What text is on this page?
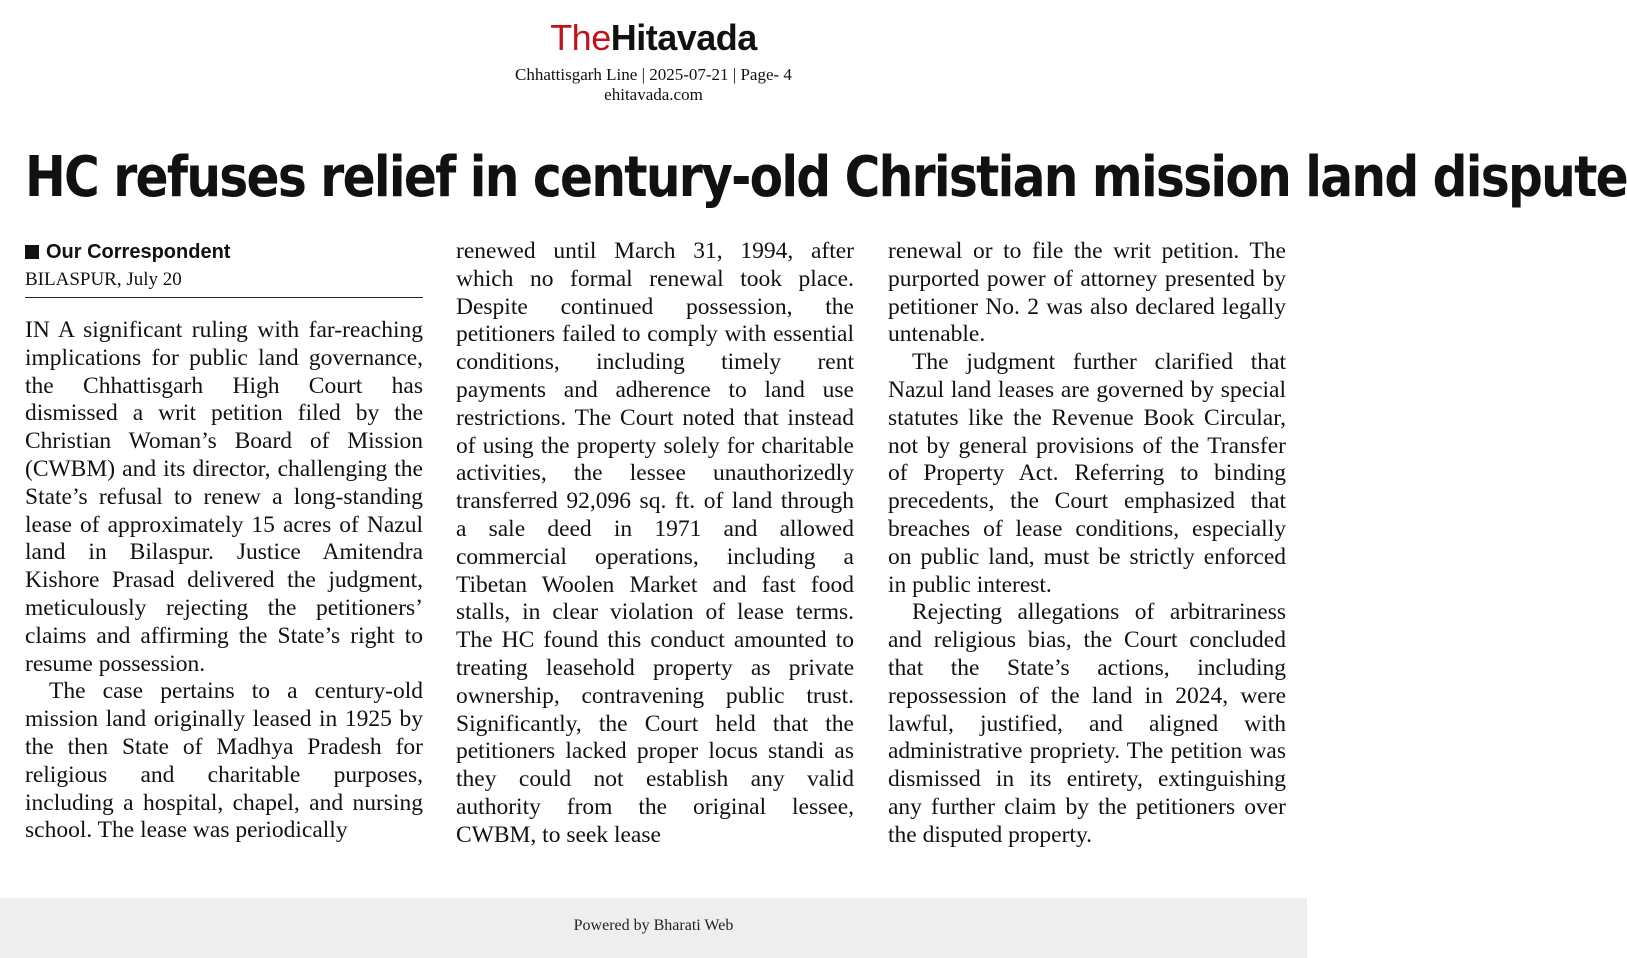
TheHitavada
Chhattisgarh Line | 2025-07-21 | Page- 4
ehitavada.com
HC refuses relief in century-old Christian mission land dispute
Our Correspondent
BILASPUR, July 20

IN A significant ruling with far-reaching implications for public land governance, the Chhattisgarh High Court has dismissed a writ petition filed by the Christian Woman’s Board of Mission (CWBM) and its director, challenging the State’s refusal to renew a long-standing lease of approximately 15 acres of Nazul land in Bilaspur. Justice Amitendra Kishore Prasad delivered the judgment, meticulously rejecting the petitioners’ claims and affirming the State’s right to resume possession.

The case pertains to a century-old mission land originally leased in 1925 by the then State of Madhya Pradesh for religious and charitable purposes, including a hospital, chapel, and nursing school. The lease was periodically

renewed until March 31, 1994, after which no formal renewal took place. Despite continued possession, the petitioners failed to comply with essential conditions, including timely rent payments and adherence to land use restrictions. The Court noted that instead of using the property solely for charitable activities, the lessee unauthorizedly transferred 92,096 sq. ft. of land through a sale deed in 1971 and allowed commercial operations, including a Tibetan Woolen Market and fast food stalls, in clear violation of lease terms. The HC found this conduct amounted to treating leasehold property as private ownership, contravening public trust. Significantly, the Court held that the petitioners lacked proper locus standi as they could not establish any valid authority from the original lessee, CWBM, to seek lease

renewal or to file the writ petition. The purported power of attorney presented by petitioner No. 2 was also declared legally untenable.

The judgment further clarified that Nazul land leases are governed by special statutes like the Revenue Book Circular, not by general provisions of the Transfer of Property Act. Referring to binding precedents, the Court emphasized that breaches of lease conditions, especially on public land, must be strictly enforced in public interest.

Rejecting allegations of arbitrariness and religious bias, the Court concluded that the State’s actions, including repossession of the land in 2024, were lawful, justified, and aligned with administrative propriety. The petition was dismissed in its entirety, extinguishing any further claim by the petitioners over the disputed property.

Powered by Bharati Web
